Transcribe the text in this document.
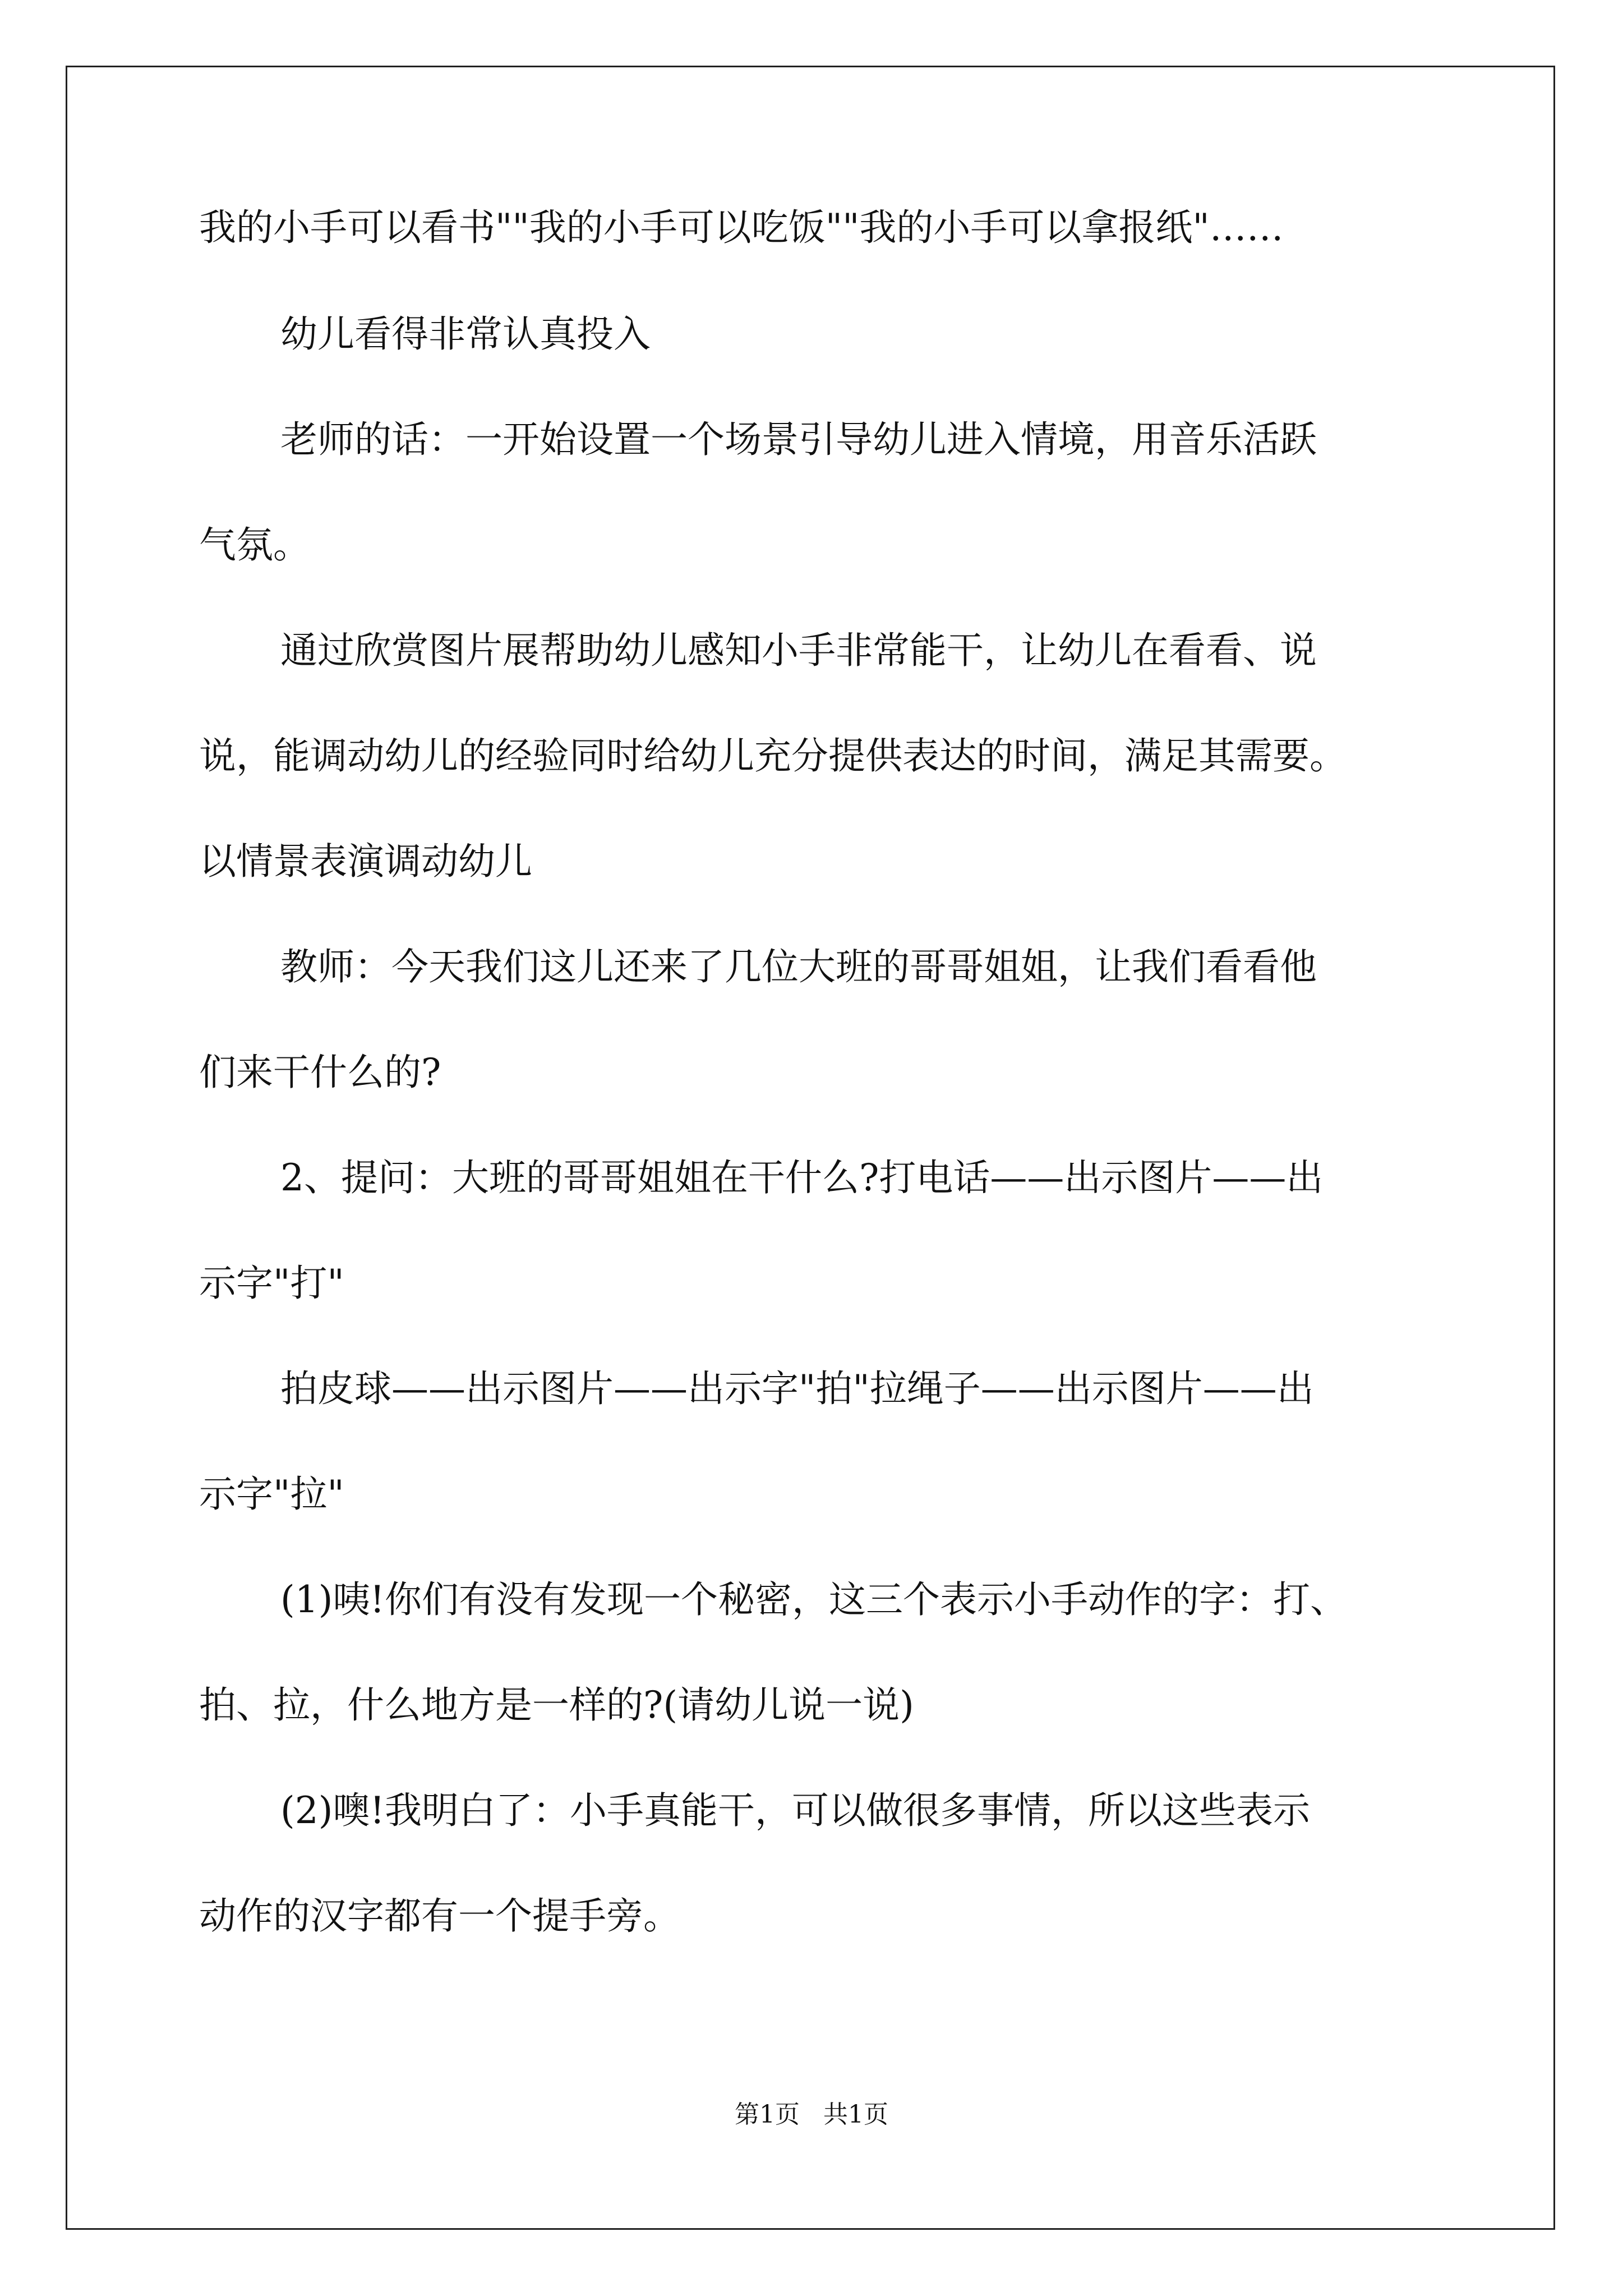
我的小手可以看书""我的小手可以吃饭""我的小手可以拿报纸"……
幼儿看得非常认真投入
老师的话：一开始设置一个场景引导幼儿进入情境，用音乐活跃
气氛。
通过欣赏图片展帮助幼儿感知小手非常能干，让幼儿在看看、说
说，能调动幼儿的经验同时给幼儿充分提供表达的时间，满足其需要。
以情景表演调动幼儿
教师：今天我们这儿还来了几位大班的哥哥姐姐，让我们看看他
们来干什么的?
2、提问：大班的哥哥姐姐在干什么?打电话——出示图片——出
示字"打"
拍皮球——出示图片——出示字"拍"拉绳子——出示图片——出
示字"拉"
(1)咦!你们有没有发现一个秘密，这三个表示小手动作的字：打、
拍、拉，什么地方是一样的?(请幼儿说一说)
(2)噢!我明白了：小手真能干，可以做很多事情，所以这些表示
动作的汉字都有一个提手旁。
第1页   共1页
